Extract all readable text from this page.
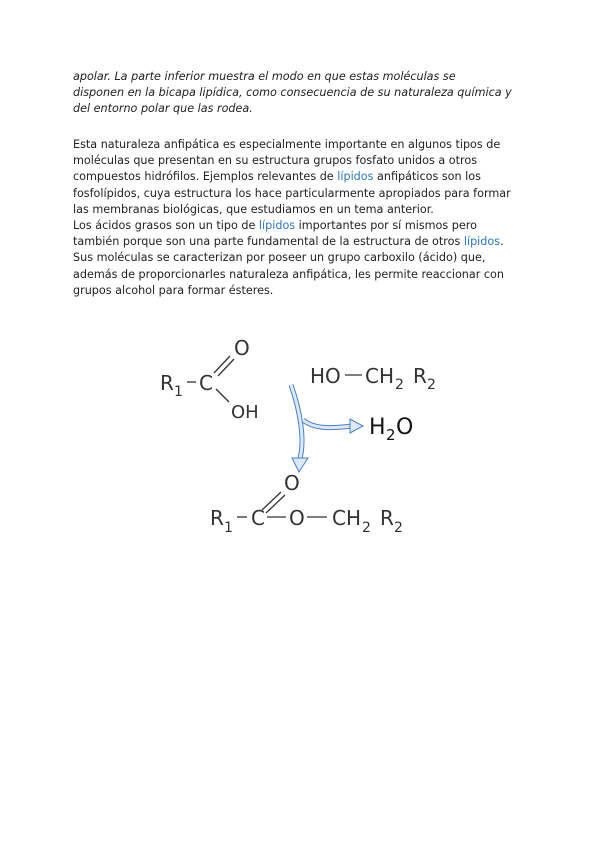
apolar. La parte inferior muestra el modo en que estas moléculas se
disponen en la bicapa lipídica, como consecuencia de su naturaleza química y
del entorno polar que las rodea.

Esta naturaleza anfipática es especialmente importante en algunos tipos de
moléculas que presentan en su estructura grupos fosfato unidos a otros
compuestos hidrófilos. Ejemplos relevantes de lípidos anfipáticos son los
fosfolípidos, cuya estructura los hace particularmente apropiados para formar
las membranas biológicas, que estudiamos en un tema anterior.
Los ácidos grasos son un tipo de lípidos importantes por sí mismos pero
también porque son una parte fundamental de la estructura de otros lípidos.
Sus moléculas se caracterizan por poseer un grupo carboxilo (ácido) que,
además de proporcionarles naturaleza anfipática, les permite reaccionar con
grupos alcohol para formar ésteres.

R 1 C
O
OH
HO CH 2 R 2
H 2 O
O
R 1 C O CH 2 R 2
